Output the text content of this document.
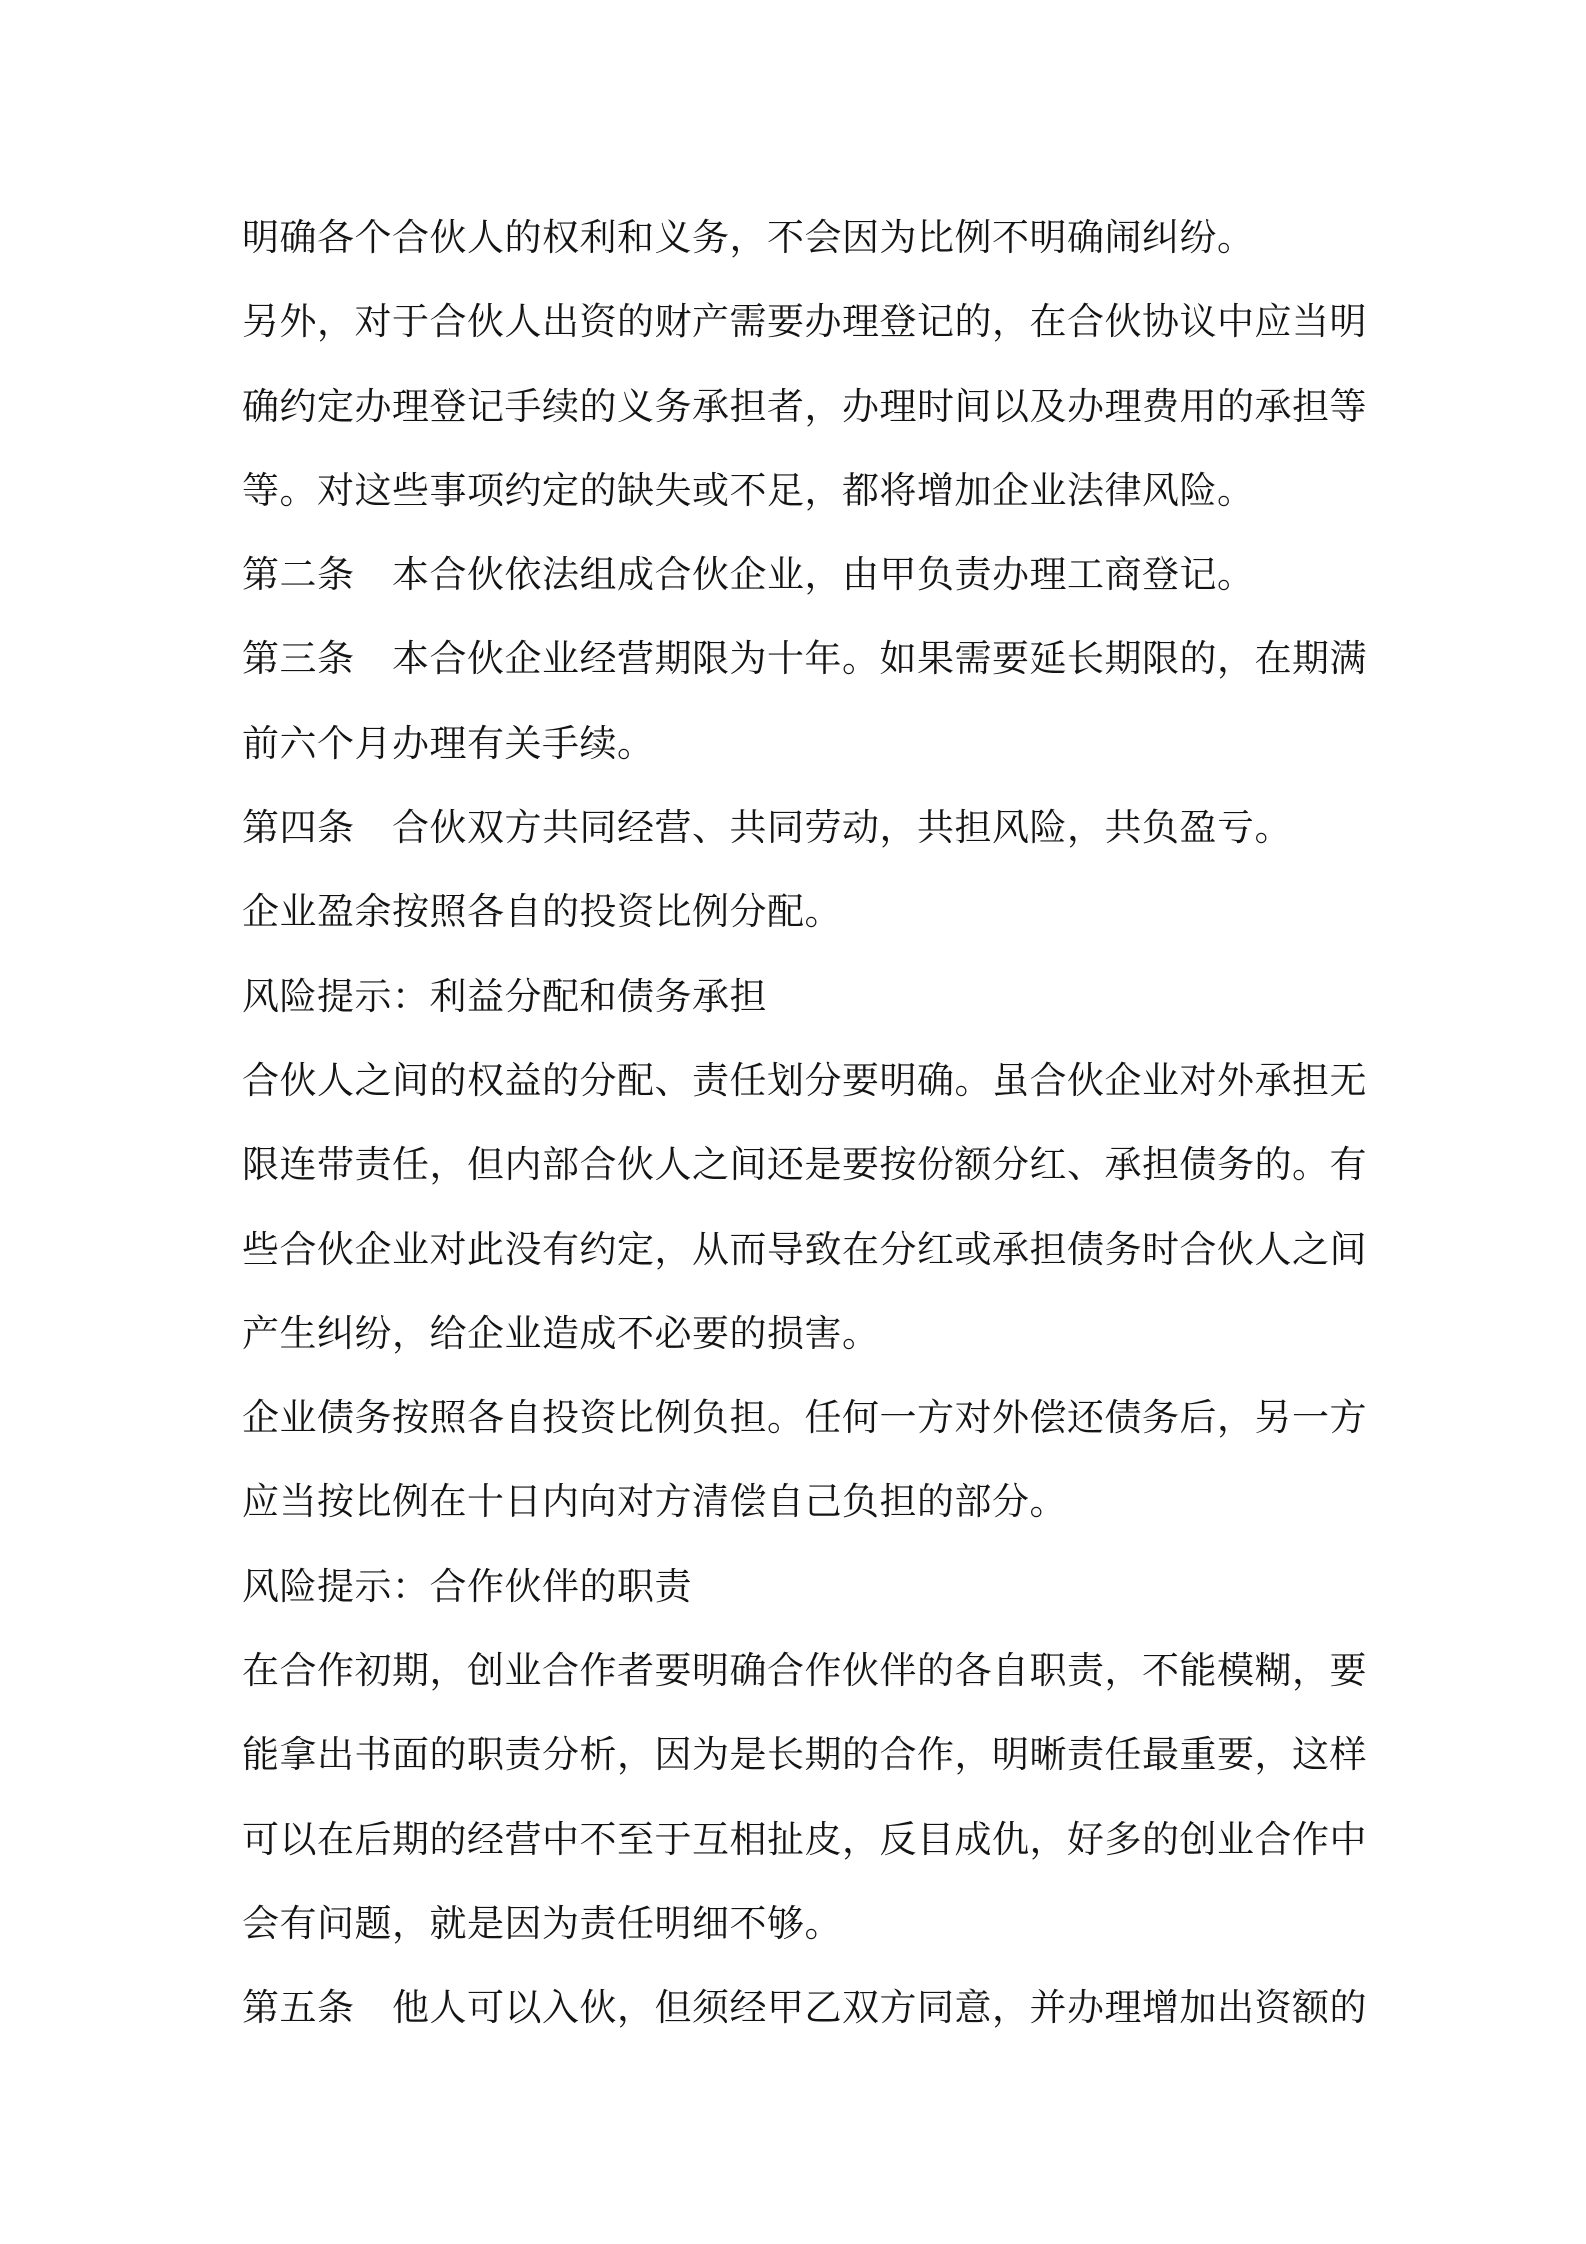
明确各个合伙人的权利和义务，不会因为比例不明确闹纠纷。
另外，对于合伙人出资的财产需要办理登记的，在合伙协议中应当明
确约定办理登记手续的义务承担者，办理时间以及办理费用的承担等
等。对这些事项约定的缺失或不足，都将增加企业法律风险。
第二条　本合伙依法组成合伙企业，由甲负责办理工商登记。
第三条　本合伙企业经营期限为十年。如果需要延长期限的，在期满
前六个月办理有关手续。
第四条　合伙双方共同经营、共同劳动，共担风险，共负盈亏。
企业盈余按照各自的投资比例分配。
风险提示：利益分配和债务承担
合伙人之间的权益的分配、责任划分要明确。虽合伙企业对外承担无
限连带责任，但内部合伙人之间还是要按份额分红、承担债务的。有
些合伙企业对此没有约定，从而导致在分红或承担债务时合伙人之间
产生纠纷，给企业造成不必要的损害。
企业债务按照各自投资比例负担。任何一方对外偿还债务后，另一方
应当按比例在十日内向对方清偿自己负担的部分。
风险提示：合作伙伴的职责
在合作初期，创业合作者要明确合作伙伴的各自职责，不能模糊，要
能拿出书面的职责分析，因为是长期的合作，明晰责任最重要，这样
可以在后期的经营中不至于互相扯皮，反目成仇，好多的创业合作中
会有问题，就是因为责任明细不够。
第五条　他人可以入伙，但须经甲乙双方同意，并办理增加出资额的
